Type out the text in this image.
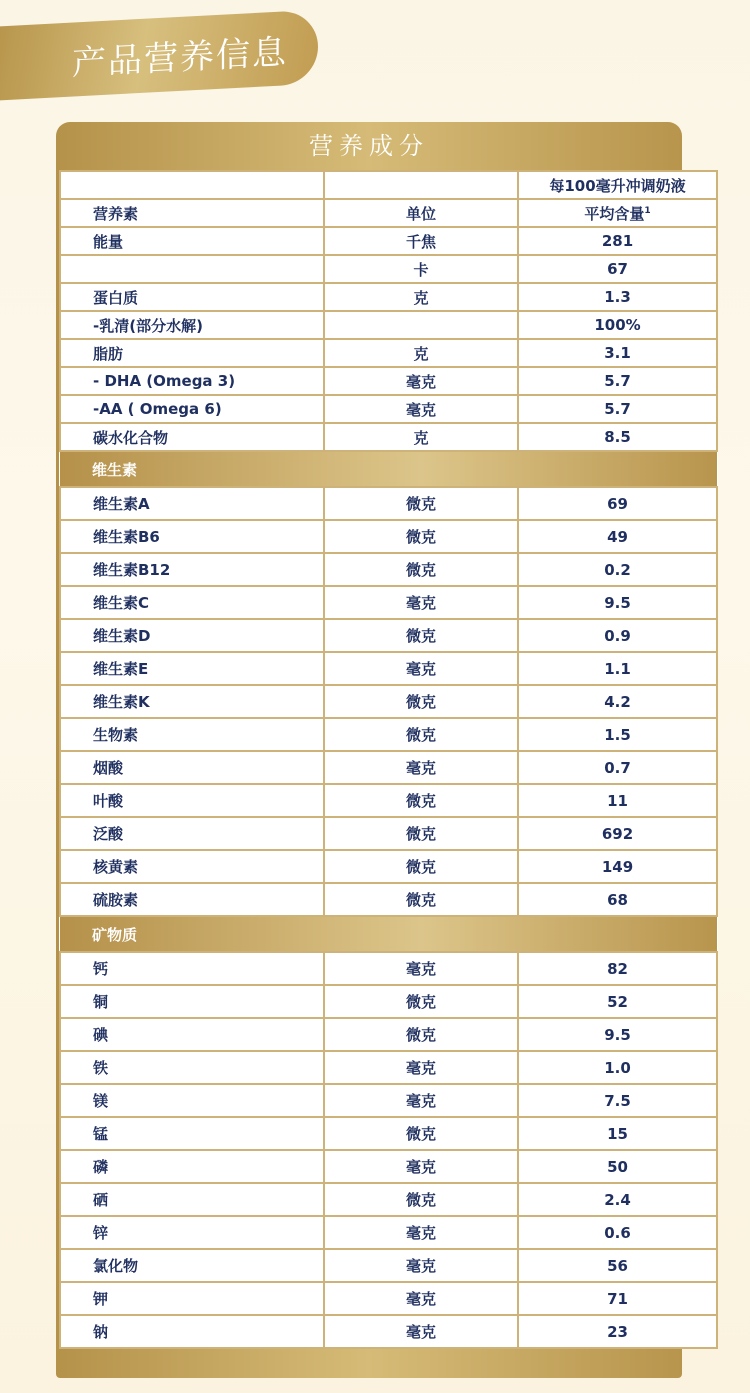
产品营养信息
营养成分
		每100毫升冲调奶液
营养素	单位	平均含量$^1$
能量	千焦	281
	卡	67
蛋白质	克	1.3
-乳清(部分水解)		100%
脂肪	克	3.1
- DHA (Omega 3)	毫克	5.7
-AA ( Omega 6)	毫克	5.7
碳水化合物	克	8.5
维生素		
维生素A	微克	69
维生素B6	微克	49
维生素B12	微克	0.2
维生素C	毫克	9.5
维生素D	微克	0.9
维生素E	毫克	1.1
维生素K	微克	4.2
生物素	微克	1.5
烟酸	毫克	0.7
叶酸	微克	11
泛酸	微克	692
核黄素	微克	149
硫胺素	微克	68
矿物质		
钙	毫克	82
铜	微克	52
碘	微克	9.5
铁	毫克	1.0
镁	毫克	7.5
锰	微克	15
磷	毫克	50
硒	微克	2.4
锌	毫克	0.6
氯化物	毫克	56
钾	毫克	71
钠	毫克	23
